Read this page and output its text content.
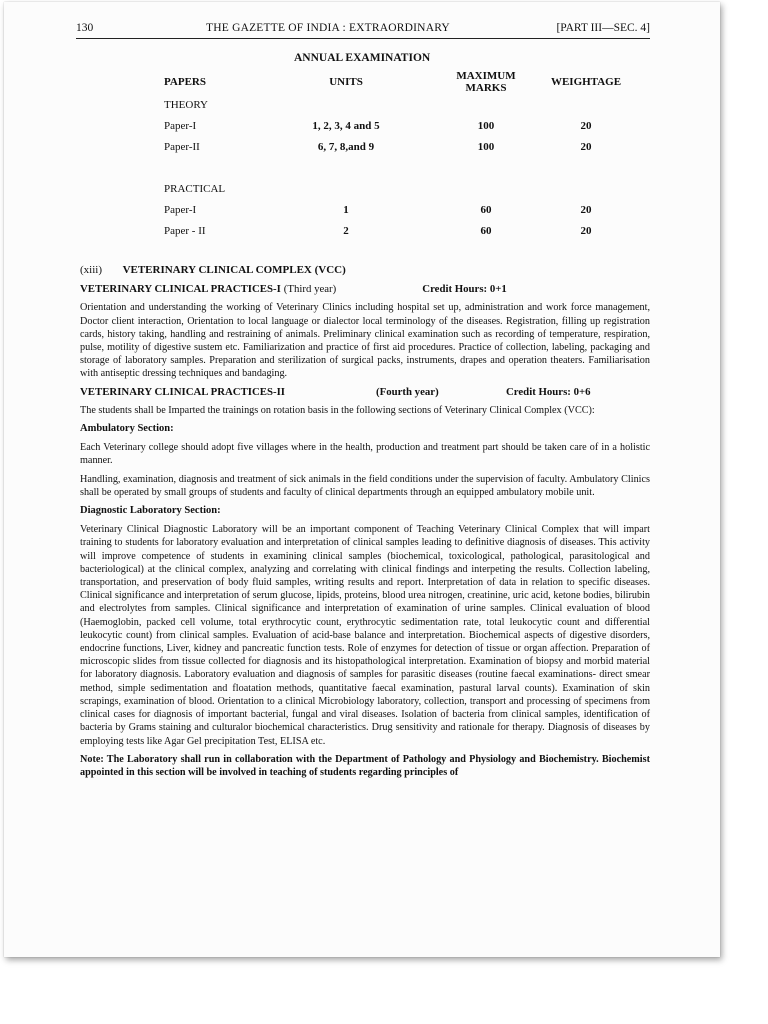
130	THE GAZETTE OF INDIA : EXTRAORDINARY	[PART III—SEC. 4]
ANNUAL EXAMINATION
PAPERS	UNITS	MAXIMUM MARKS	WEIGHTAGE
THEORY			
Paper-I	1, 2, 3, 4 and 5	100	20
Paper-II	6, 7, 8,and 9	100	20

PRACTICAL			
Paper-I	1	60	20
Paper - II	2	60	20
(xiii) VETERINARY CLINICAL COMPLEX (VCC)
VETERINARY CLINICAL PRACTICES-I (Third year)	Credit Hours: 0+1

Orientation and understanding the working of Veterinary Clinics including hospital set up, administration and work force management, Doctor client interaction, Orientation to local language or dialector local terminology of the diseases. Registration, filling up registration cards, history taking, handling and restraining of animals. Preliminary clinical examination such as recording of temperature, respiration, pulse, motility of digestive sustem etc. Familiarization and practice of first aid procedures. Practice of collection, labeling, packaging and storage of laboratory samples. Preparation and sterilization of surgical packs, instruments, drapes and operation theaters. Familiarisation with antiseptic dressing techniques and bandaging.

VETERINARY CLINICAL PRACTICES-II	(Fourth year)	Credit Hours: 0+6

The students shall be Imparted the trainings on rotation basis in the following sections of Veterinary Clinical Complex (VCC):

Ambulatory Section:

Each Veterinary college should adopt five villages where in the health, production and treatment part should be taken care of in a holistic manner.

Handling, examination, diagnosis and treatment of sick animals in the field conditions under the supervision of faculty. Ambulatory Clinics shall be operated by small groups of students and faculty of clinical departments through an equipped ambulatory mobile unit.

Diagnostic Laboratory Section:

Veterinary Clinical Diagnostic Laboratory will be an important component of Teaching Veterinary Clinical Complex that will impart training to students for laboratory evaluation and interpretation of clinical samples leading to definitive diagnosis of diseases. This activity will improve competence of students in examining clinical samples (biochemical, toxicological, pathological, parasitological and bacteriological) at the clinical complex, analyzing and correlating with clinical findings and interpeting the results. Collection labeling, transportation, and preservation of body fluid samples, writing results and report. Interpretation of data in relation to specific diseases. Clinical significance and interpretation of serum glucose, lipids, proteins, blood urea nitrogen, creatinine, uric acid, ketone bodies, bilirubin and electrolytes from samples. Clinical significance and interpretation of examination of urine samples. Clinical evaluation of blood (Haemoglobin, packed cell volume, total erythrocytic count, erythrocytic sedimentation rate, total leukocytic count and differential leukocytic count) from clinical samples. Evaluation of acid-base balance and interpretation. Biochemical aspects of digestive disorders, endocrine functions, Liver, kidney and pancreatic function tests. Role of enzymes for detection of tissue or organ affection. Preparation of microscopic slides from tissue collected for diagnosis and its histopathological interpretation. Examination of biopsy and morbid material for laboratory diagnosis. Laboratory evaluation and diagnosis of samples for parasitic diseases (routine faecal examinations- direct smear method, simple sedimentation and floatation methods, quantitative faecal examination, pastural larval counts). Examination of skin scrapings, examination of blood. Orientation to a clinical Microbiology laboratory, collection, transport and processing of specimens from clinical cases for diagnosis of important bacterial, fungal and viral diseases. Isolation of bacteria from clinical samples, identification of bacteria by Grams staining and culturalor biochemical characteristics. Drug sensitivity and rationale for therapy. Diagnosis of diseases by employing tests like Agar Gel precipitation Test, ELISA etc.

Note: The Laboratory shall run in collaboration with the Department of Pathology and Physiology and Biochemistry. Biochemist appointed in this section will be involved in teaching of students regarding principles of
